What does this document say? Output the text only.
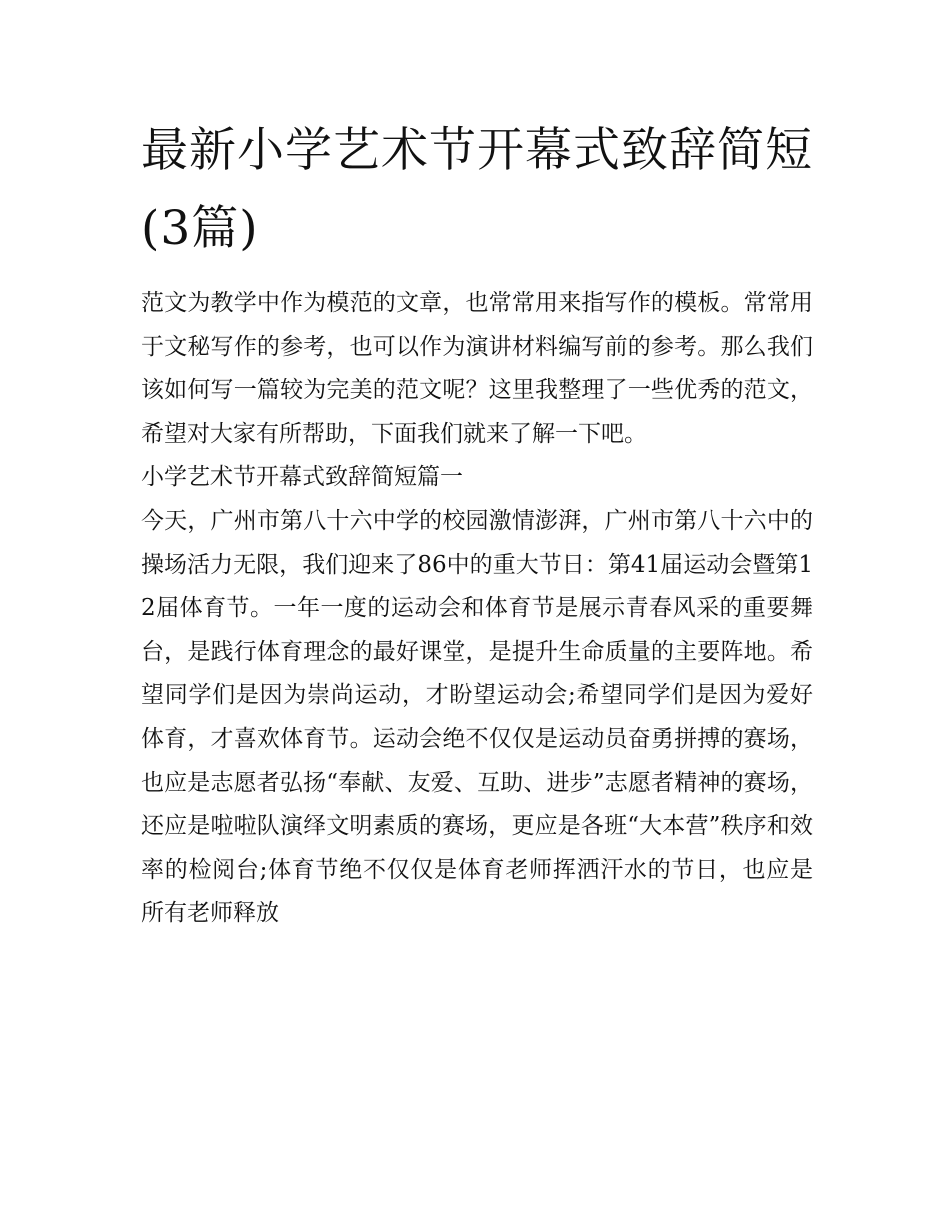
最新小学艺术节开幕式致辞简短(3篇)

范文为教学中作为模范的文章，也常常用来指写作的模板。常常用于文秘写作的参考，也可以作为演讲材料编写前的参考。那么我们该如何写一篇较为完美的范文呢？这里我整理了一些优秀的范文，希望对大家有所帮助，下面我们就来了解一下吧。

小学艺术节开幕式致辞简短篇一

今天，广州市第八十六中学的校园激情澎湃，广州市第八十六中的操场活力无限，我们迎来了86中的重大节日：第41届运动会暨第12届体育节。一年一度的运动会和体育节是展示青春风采的重要舞台，是践行体育理念的最好课堂，是提升生命质量的主要阵地。希望同学们是因为崇尚运动，才盼望运动会;希望同学们是因为爱好体育，才喜欢体育节。运动会绝不仅仅是运动员奋勇拼搏的赛场，也应是志愿者弘扬“奉献、友爱、互助、进步”志愿者精神的赛场，还应是啦啦队演绎文明素质的赛场，更应是各班“大本营”秩序和效率的检阅台;体育节绝不仅仅是体育老师挥洒汗水的节日，也应是所有老师释放
